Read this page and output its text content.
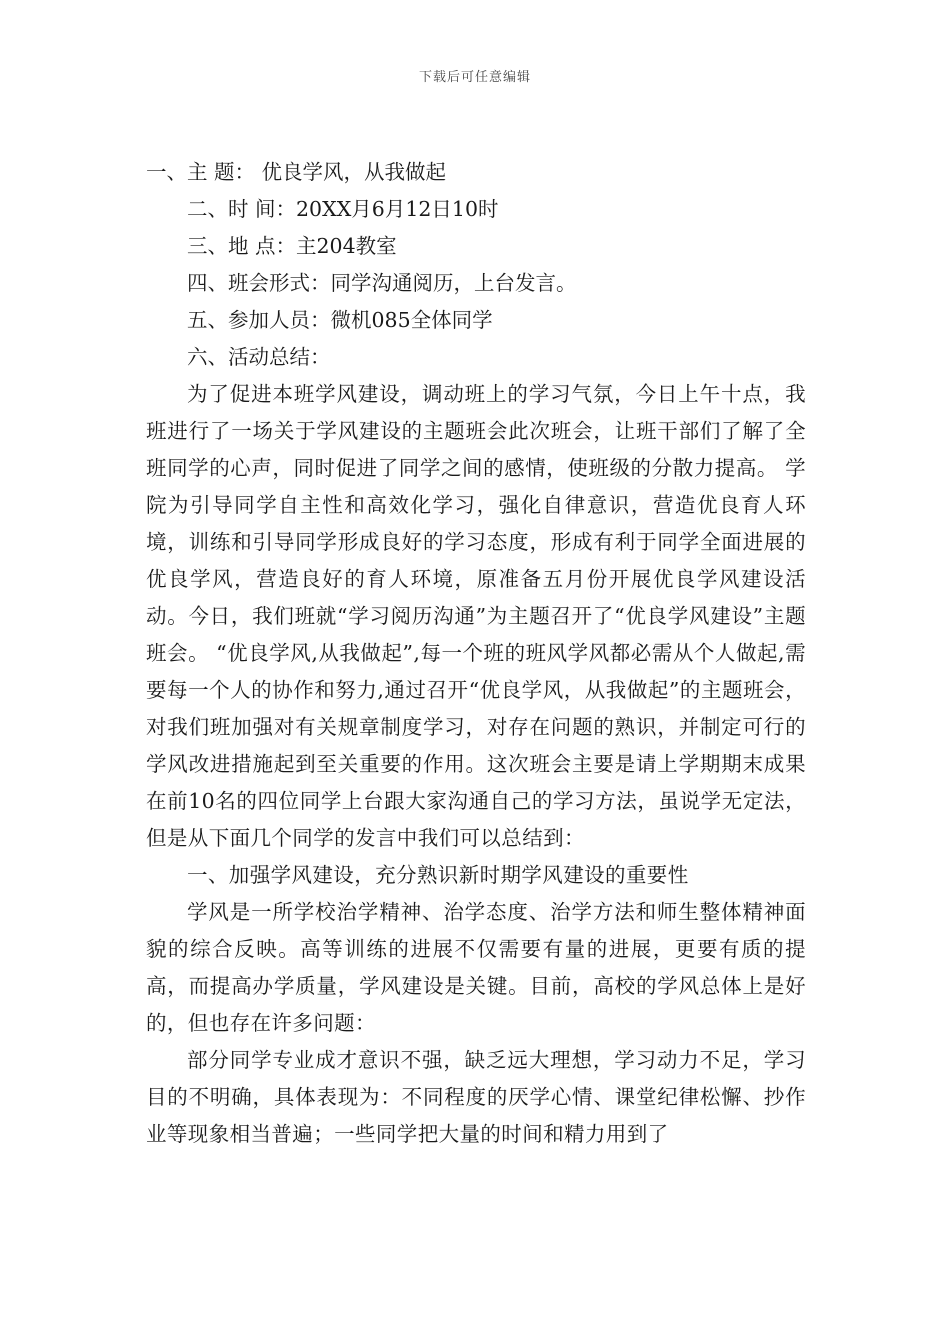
下载后可任意编辑

一、主 题： 优良学风，从我做起

二、时 间：20XX月6月12日10时

三、地 点：主204教室

四、班会形式：同学沟通阅历，上台发言。

五、参加人员：微机085全体同学

六、活动总结：

为了促进本班学风建设，调动班上的学习气氛，今日上午十点，我班进行了一场关于学风建设的主题班会此次班会，让班干部们了解了全班同学的心声，同时促进了同学之间的感情，使班级的分散力提高。 学院为引导同学自主性和高效化学习，强化自律意识，营造优良育人环境，训练和引导同学形成良好的学习态度，形成有利于同学全面进展的优良学风，营造良好的育人环境，原准备五月份开展优良学风建设活动。今日，我们班就“学习阅历沟通”为主题召开了“优良学风建设”主题班会。 “优良学风,从我做起”,每一个班的班风学风都必需从个人做起,需要每一个人的协作和努力,通过召开“优良学风，从我做起”的主题班会，对我们班加强对有关规章制度学习，对存在问题的熟识，并制定可行的学风改进措施起到至关重要的作用。这次班会主要是请上学期期末成果在前10名的四位同学上台跟大家沟通自己的学习方法，虽说学无定法，但是从下面几个同学的发言中我们可以总结到：

一、加强学风建设，充分熟识新时期学风建设的重要性

学风是一所学校治学精神、治学态度、治学方法和师生整体精神面貌的综合反映。高等训练的进展不仅需要有量的进展，更要有质的提高，而提高办学质量，学风建设是关键。目前，高校的学风总体上是好的，但也存在许多问题：

部分同学专业成才意识不强，缺乏远大理想，学习动力不足，学习目的不明确，具体表现为：不同程度的厌学心情、课堂纪律松懈、抄作业等现象相当普遍；一些同学把大量的时间和精力用到了
